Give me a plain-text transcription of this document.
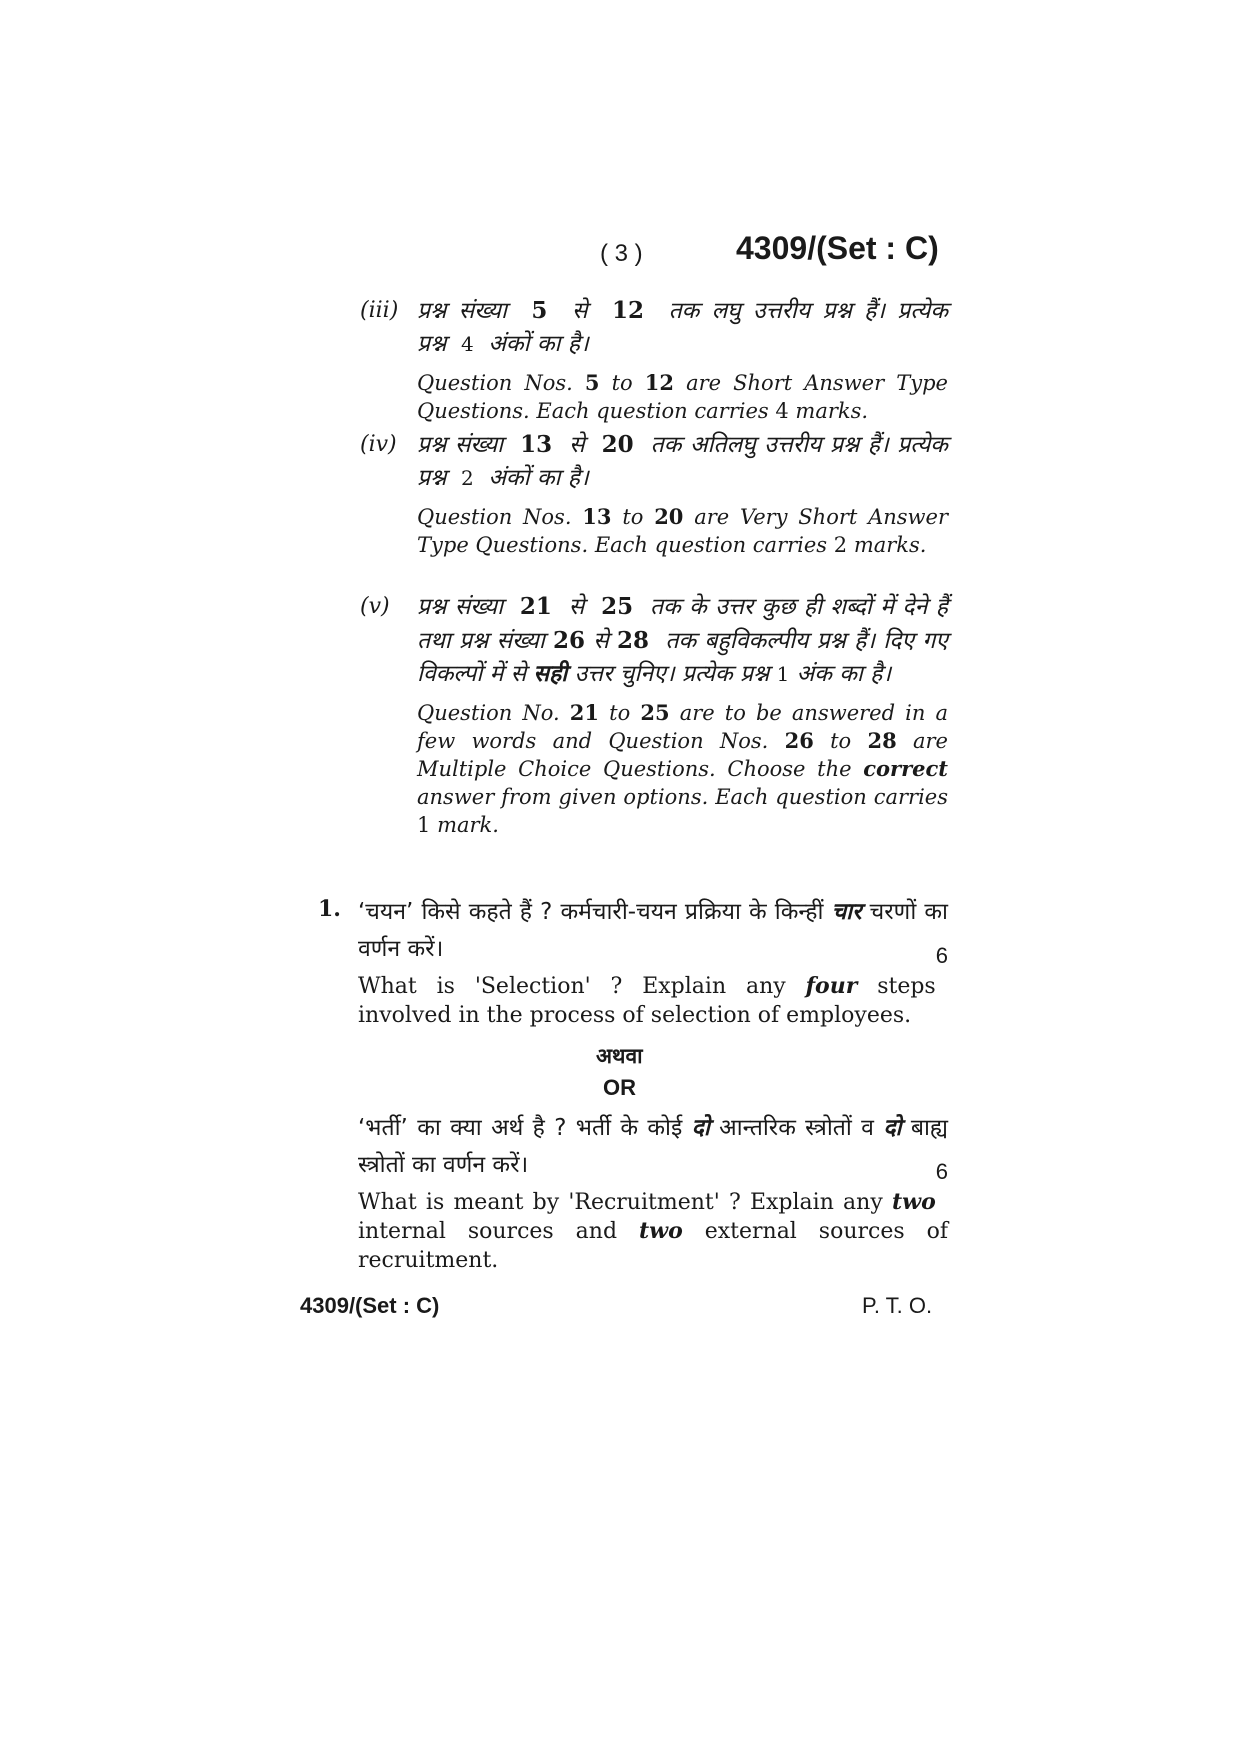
( 3 )	4309/(Set : C)
(iii) प्रश्न संख्या 5 से 12 तक लघु उत्तरीय प्रश्न हैं। प्रत्येक प्रश्न 4 अंकों का है।
Question Nos. 5 to 12 are Short Answer Type Questions. Each question carries 4 marks.
(iv) प्रश्न संख्या 13 से 20 तक अतिलघु उत्तरीय प्रश्न हैं। प्रत्येक प्रश्न 2 अंकों का है।
Question Nos. 13 to 20 are Very Short Answer Type Questions. Each question carries 2 marks.
(v) प्रश्न संख्या 21 से 25 तक के उत्तर कुछ ही शब्दों में देने हैं तथा प्रश्न संख्या 26 से 28 तक बहुविकल्पीय प्रश्न हैं। दिए गए विकल्पों में से सही उत्तर चुनिए। प्रत्येक प्रश्न 1 अंक का है।
Question No. 21 to 25 are to be answered in a few words and Question Nos. 26 to 28 are Multiple Choice Questions. Choose the correct answer from given options. Each question carries 1 mark.
1. ‘चयन’ किसे कहते हैं ? कर्मचारी-चयन प्रक्रिया के किन्हीं चार चरणों का वर्णन करें।	6
What is 'Selection' ? Explain any four steps involved in the process of selection of employees.
अथवा
OR
‘भर्ती’ का क्या अर्थ है ? भर्ती के कोई दो आन्तरिक स्त्रोतों व दो बाह्य स्त्रोतों का वर्णन करें।	6
What is meant by 'Recruitment' ? Explain any two internal sources and two external sources of recruitment.
4309/(Set : C)	P. T. O.
